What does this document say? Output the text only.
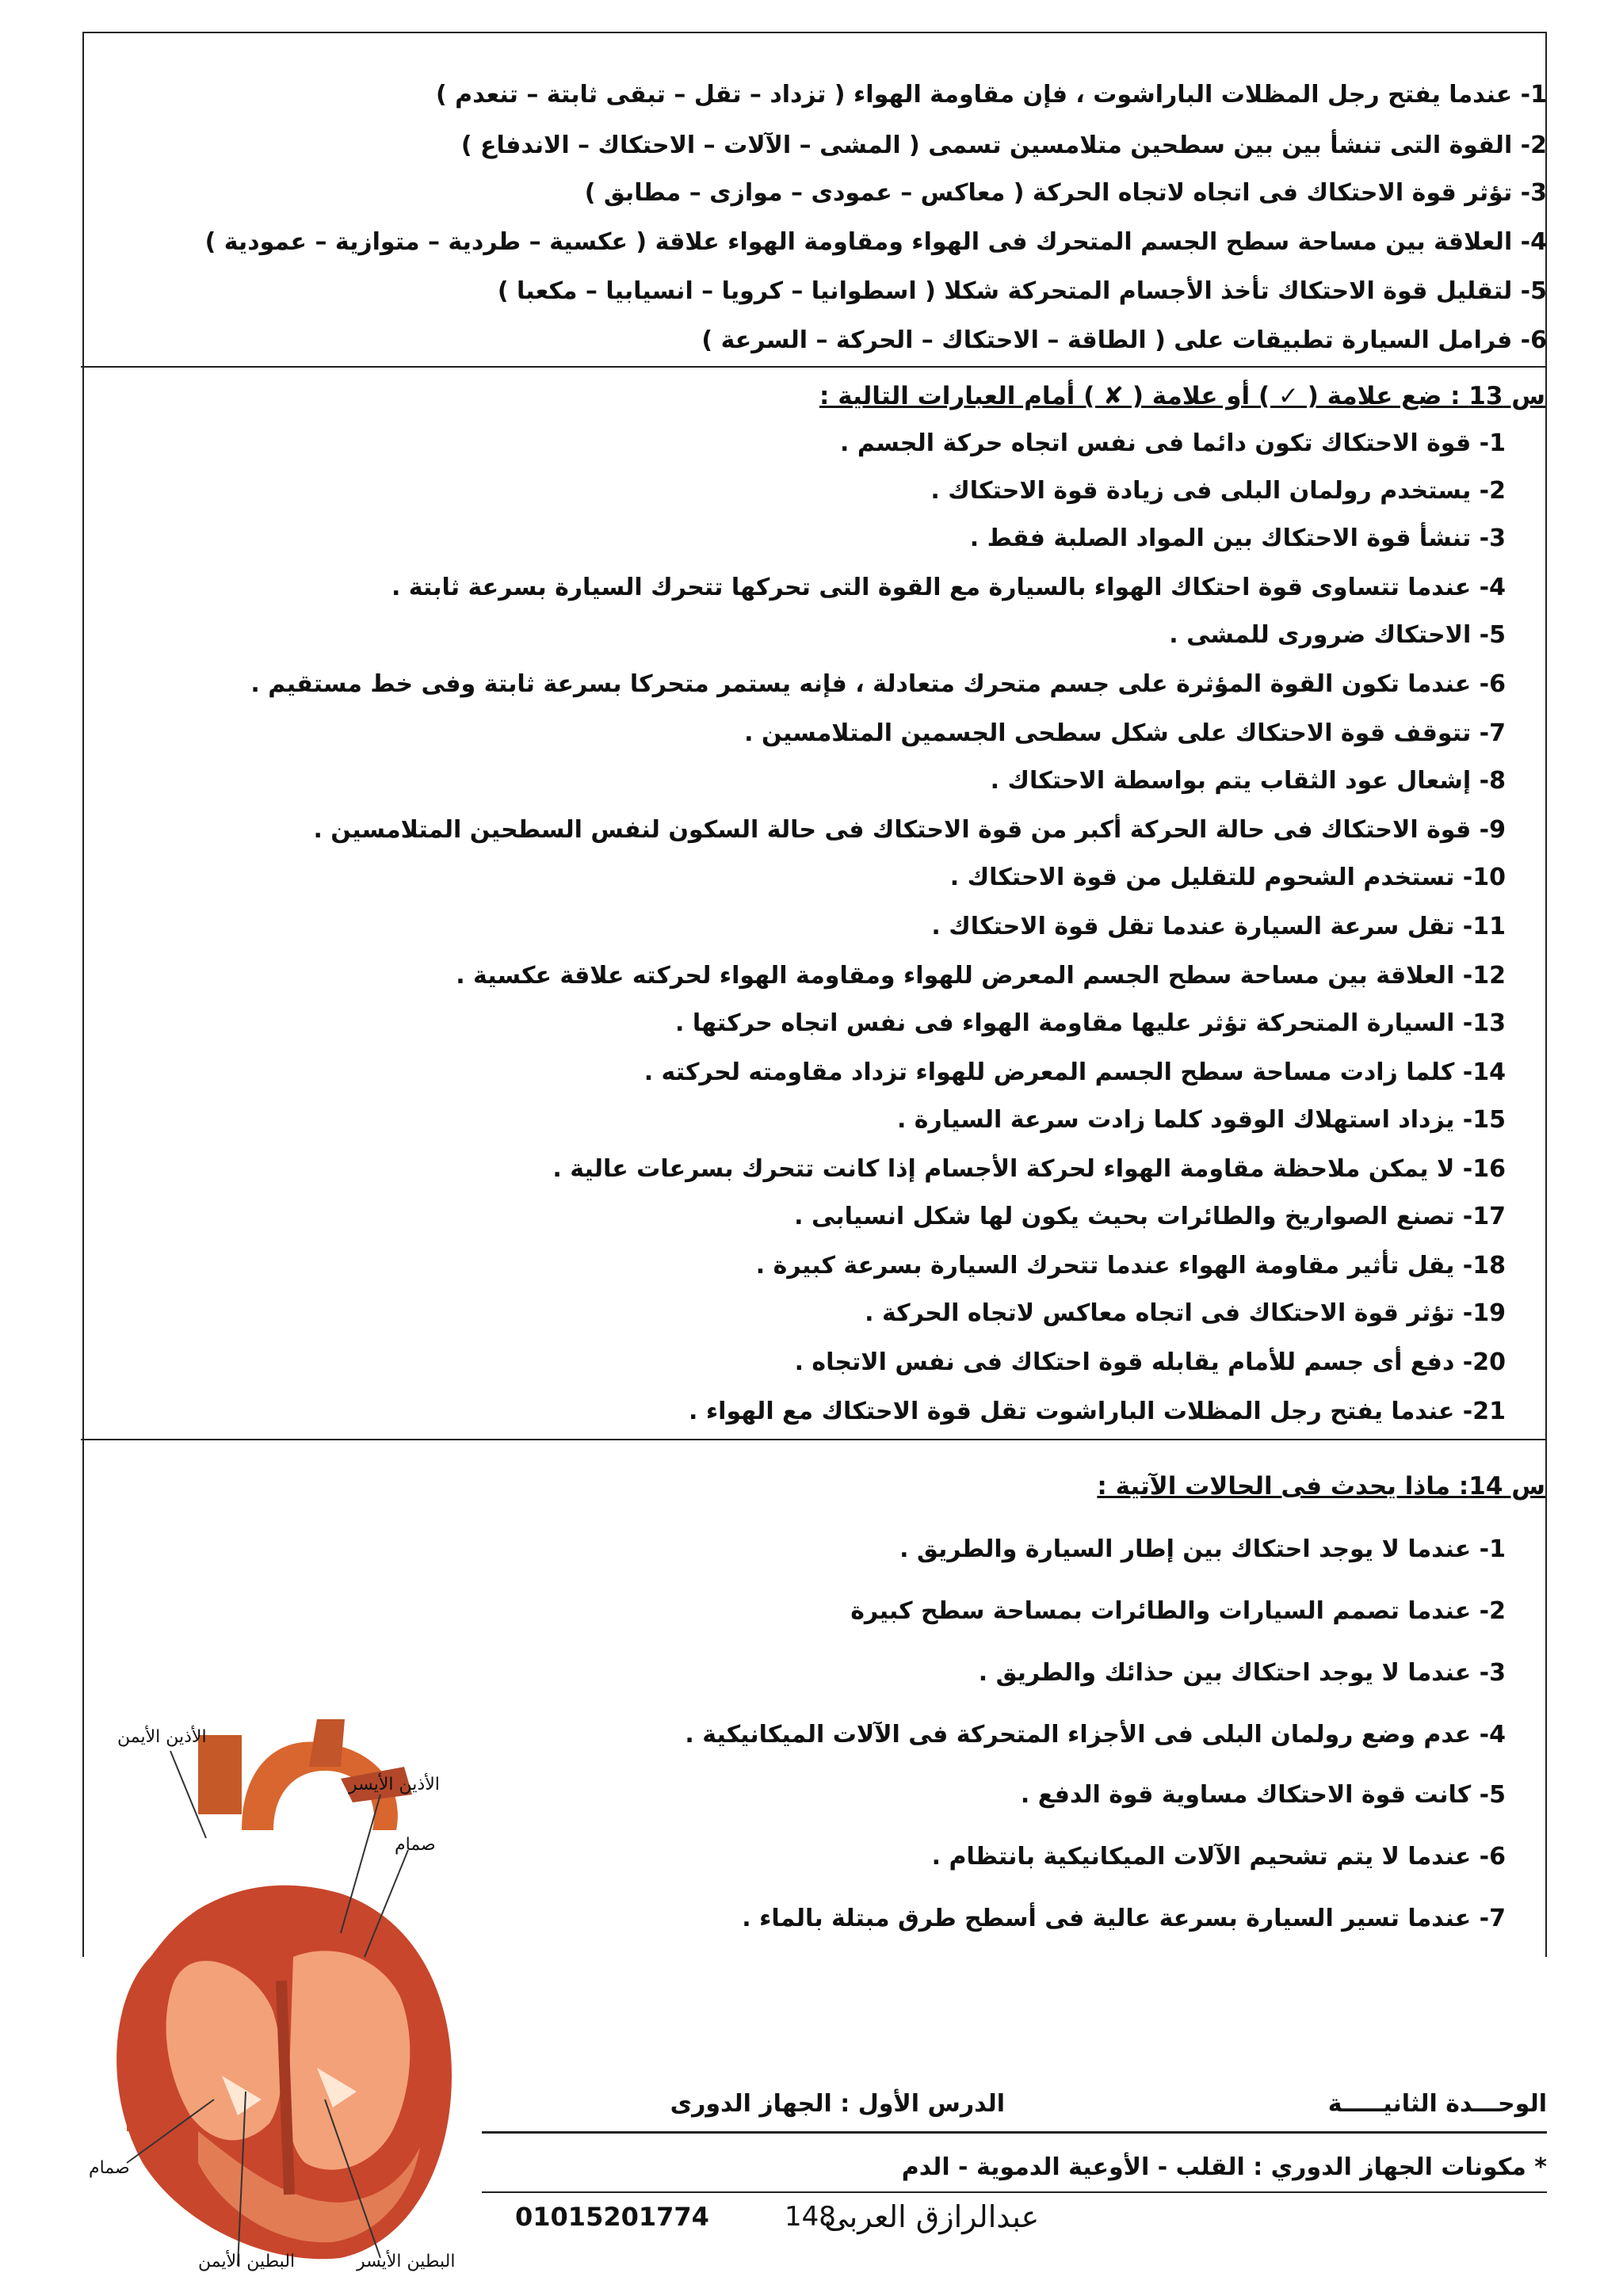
1- عندما يفتح رجل المظلات الباراشوت ، فإن مقاومة الهواء ( تزداد – تقل – تبقى ثابتة – تنعدم )
2- القوة التى تنشأ بين بين سطحين متلامسين تسمى ( المشى – الآلات – الاحتكاك – الاندفاع )
3- تؤثر قوة الاحتكاك فى اتجاه لاتجاه الحركة ( معاكس – عمودى – موازى – مطابق )
4- العلاقة بين مساحة سطح الجسم المتحرك فى الهواء ومقاومة الهواء علاقة ( عكسية – طردية – متوازية – عمودية )
5- لتقليل قوة الاحتكاك تأخذ الأجسام المتحركة شكلا ( اسطوانيا – كرويا – انسيابيا – مكعبا )
6- فرامل السيارة تطبيقات على ( الطاقة – الاحتكاك – الحركة – السرعة )
س 13 : ضع علامة ( ✓ ) أو علامة ( ✘ ) أمام العبارات التالية :
1- قوة الاحتكاك تكون دائما فى نفس اتجاه حركة الجسم .
2- يستخدم رولمان البلى فى زيادة قوة الاحتكاك .
3- تنشأ قوة الاحتكاك بين المواد الصلبة فقط .
4- عندما تتساوى قوة احتكاك الهواء بالسيارة مع القوة التى تحركها تتحرك السيارة بسرعة ثابتة .
5- الاحتكاك ضرورى للمشى .
6- عندما تكون القوة المؤثرة على جسم متحرك متعادلة ، فإنه يستمر متحركا بسرعة ثابتة وفى خط مستقيم .
7- تتوقف قوة الاحتكاك على شكل سطحى الجسمين المتلامسين .
8- إشعال عود الثقاب يتم بواسطة الاحتكاك .
9- قوة الاحتكاك فى حالة الحركة أكبر من قوة الاحتكاك فى حالة السكون لنفس السطحين المتلامسين .
10- تستخدم الشحوم للتقليل من قوة الاحتكاك .
11- تقل سرعة السيارة عندما تقل قوة الاحتكاك .
12- العلاقة بين مساحة سطح الجسم المعرض للهواء ومقاومة الهواء لحركته علاقة عكسية .
13- السيارة المتحركة تؤثر عليها مقاومة الهواء فى نفس اتجاه حركتها .
14- كلما زادت مساحة سطح الجسم المعرض للهواء تزداد مقاومته لحركته .
15- يزداد استهلاك الوقود كلما زادت سرعة السيارة .
16- لا يمكن ملاحظة مقاومة الهواء لحركة الأجسام إذا كانت تتحرك بسرعات عالية .
17- تصنع الصواريخ والطائرات بحيث يكون لها شكل انسيابى .
18- يقل تأثير مقاومة الهواء عندما تتحرك السيارة بسرعة كبيرة .
19- تؤثر قوة الاحتكاك فى اتجاه معاكس لاتجاه الحركة .
20- دفع أى جسم للأمام يقابله قوة احتكاك فى نفس الاتجاه .
21- عندما يفتح رجل المظلات الباراشوت تقل قوة الاحتكاك مع الهواء .
س 14: ماذا يحدث فى الحالات الآتية :
1- عندما لا يوجد احتكاك بين إطار السيارة والطريق .
2- عندما تصمم السيارات والطائرات بمساحة سطح كبيرة
3- عندما لا يوجد احتكاك بين حذائك والطريق .
4- عدم وضع رولمان البلى فى الأجزاء المتحركة فى الآلات الميكانيكية .
5- كانت قوة الاحتكاك مساوية قوة الدفع .
6- عندما لا يتم تشحيم الآلات الميكانيكية بانتظام .
7- عندما تسير السيارة بسرعة عالية فى أسطح طرق مبتلة بالماء .
الوحـــدة الثانيـــــة
الدرس الأول : الجهاز الدورى
* مكونات الجهاز الدوري : القلب - الأوعية الدموية - الدم
عبدالرازق العربى
148
01015201774
الأذين الأيمن
الأذين الأيسر
صمام
صمام
البطين الأيسر
البطين الأيمن
